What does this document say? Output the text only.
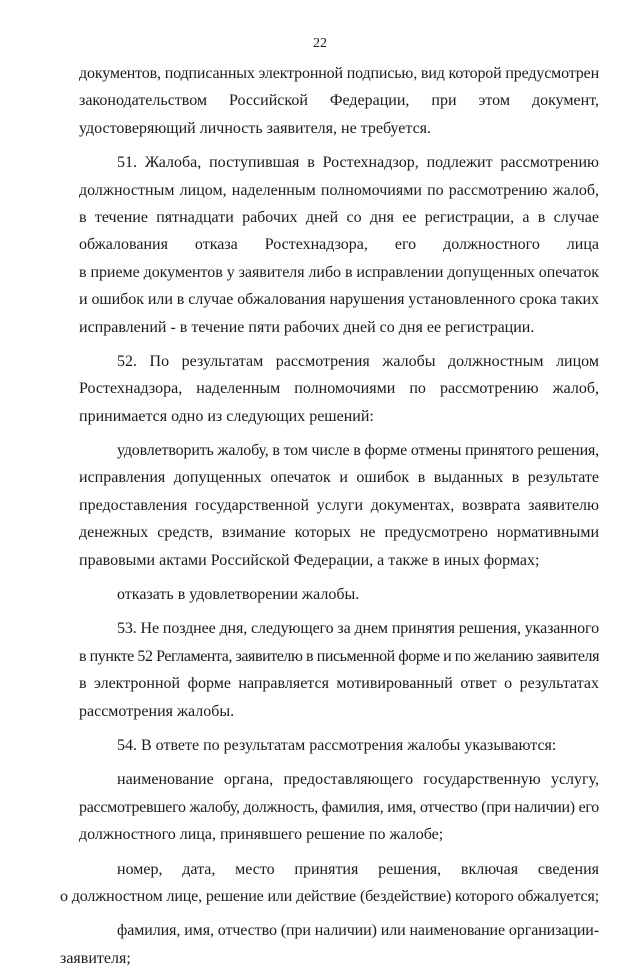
22
документов, подписанных электронной подписью, вид которой предусмотрен
законодательством Российской Федерации, при этом документ,
удостоверяющий личность заявителя, не требуется.
51. Жалоба, поступившая в Ростехнадзор, подлежит рассмотрению
должностным лицом, наделенным полномочиями по рассмотрению жалоб,
в течение пятнадцати рабочих дней со дня ее регистрации, а в случае
обжалования отказа Ростехнадзора, его должностного лица
в приеме документов у заявителя либо в исправлении допущенных опечаток
и ошибок или в случае обжалования нарушения установленного срока таких
исправлений - в течение пяти рабочих дней со дня ее регистрации.
52. По результатам рассмотрения жалобы должностным лицом
Ростехнадзора, наделенным полномочиями по рассмотрению жалоб,
принимается одно из следующих решений:
удовлетворить жалобу, в том числе в форме отмены принятого решения,
исправления допущенных опечаток и ошибок в выданных в результате
предоставления государственной услуги документах, возврата заявителю
денежных средств, взимание которых не предусмотрено нормативными
правовыми актами Российской Федерации, а также в иных формах;
отказать в удовлетворении жалобы.
53. Не позднее дня, следующего за днем принятия решения, указанного
в пункте 52 Регламента, заявителю в письменной форме и по желанию заявителя
в электронной форме направляется мотивированный ответ о результатах
рассмотрения жалобы.
54. В ответе по результатам рассмотрения жалобы указываются:
наименование органа, предоставляющего государственную услугу,
рассмотревшего жалобу, должность, фамилия, имя, отчество (при наличии) его
должностного лица, принявшего решение по жалобе;
номер, дата, место принятия решения, включая сведения
о должностном лице, решение или действие (бездействие) которого обжалуется;
фамилия, имя, отчество (при наличии) или наименование организации-
заявителя;
